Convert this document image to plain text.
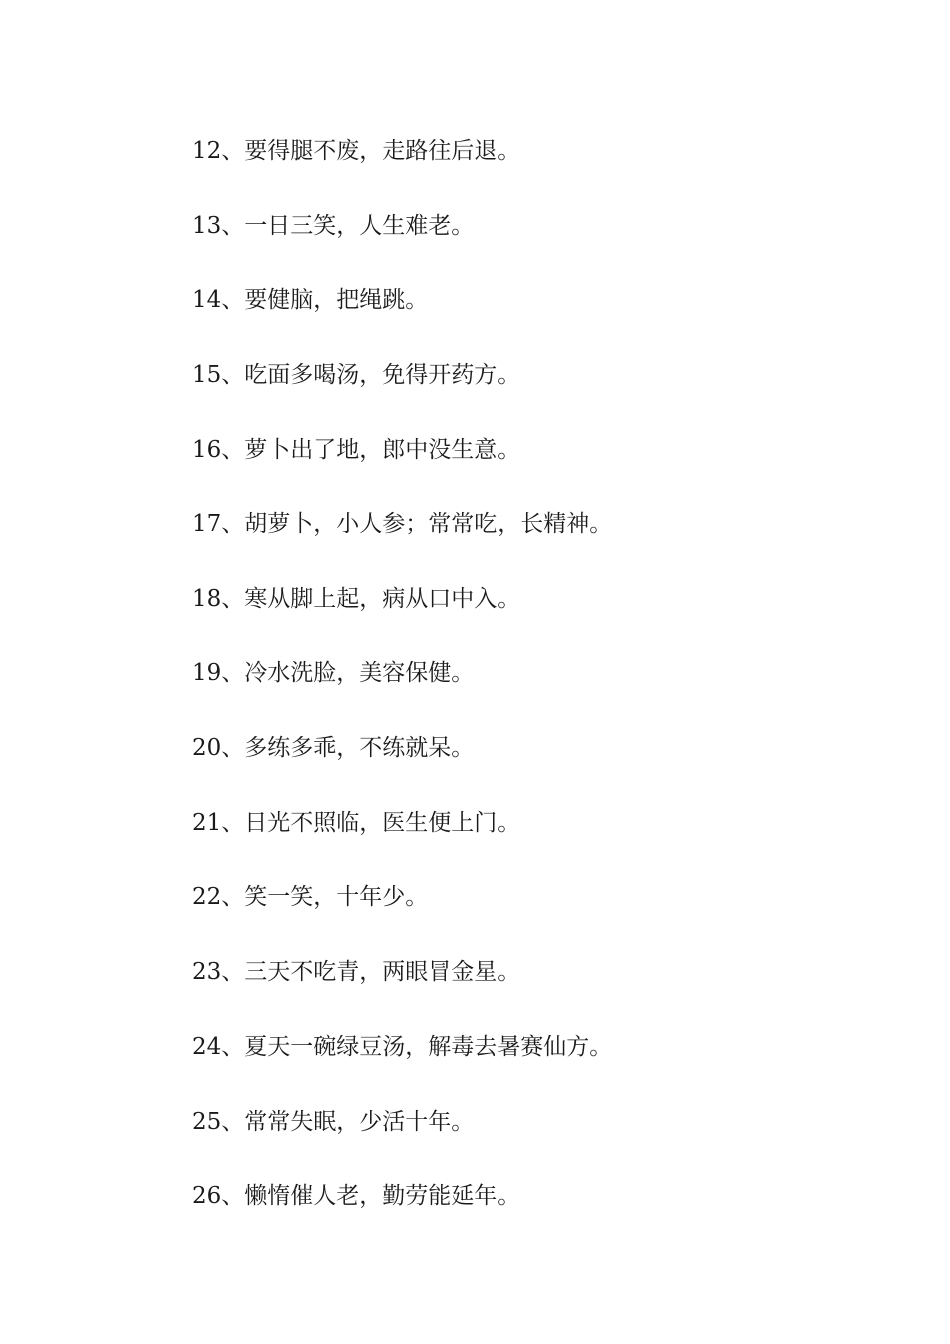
12、要得腿不废，走路往后退。
13、一日三笑，人生难老。
14、要健脑，把绳跳。
15、吃面多喝汤，免得开药方。
16、萝卜出了地，郎中没生意。
17、胡萝卜，小人参；常常吃，长精神。
18、寒从脚上起，病从口中入。
19、冷水洗脸，美容保健。
20、多练多乖，不练就呆。
21、日光不照临，医生便上门。
22、笑一笑，十年少。
23、三天不吃青，两眼冒金星。
24、夏天一碗绿豆汤，解毒去暑赛仙方。
25、常常失眠，少活十年。
26、懒惰催人老，勤劳能延年。
